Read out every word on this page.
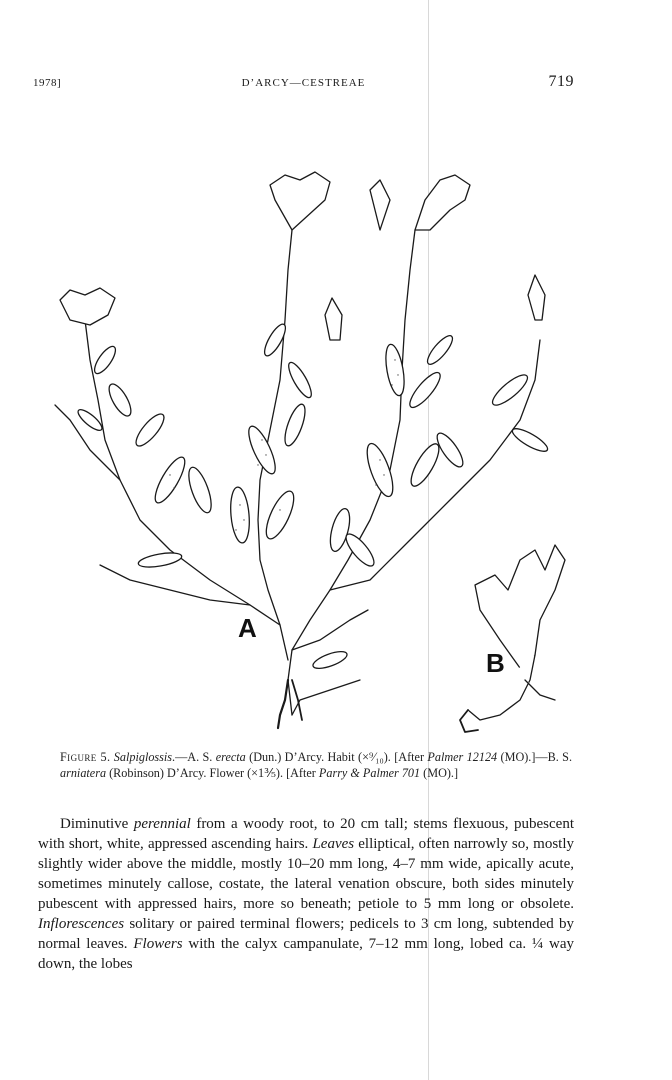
1978]	D’ARCY—CESTREAE	719
A
B
Figure 5. Salpiglossis.—A. S. erecta (Dun.) D’Arcy. Habit (×⁹⁄₁₀). [After Palmer 12124 (MO).]—B. S. arniatera (Robinson) D’Arcy. Flower (×1⅗). [After Parry & Palmer 701 (MO).]

Diminutive perennial from a woody root, to 20 cm tall; stems flexuous, pubescent with short, white, appressed ascending hairs. Leaves elliptical, often narrowly so, mostly slightly wider above the middle, mostly 10–20 mm long, 4–7 mm wide, apically acute, sometimes minutely callose, costate, the lateral venation obscure, both sides minutely pubescent with appressed hairs, more so beneath; petiole to 5 mm long or obsolete. Inflorescences solitary or paired terminal flowers; pedicels to 3 cm long, subtended by normal leaves. Flowers with the calyx campanulate, 7–12 mm long, lobed ca. ¼ way down, the lobes
